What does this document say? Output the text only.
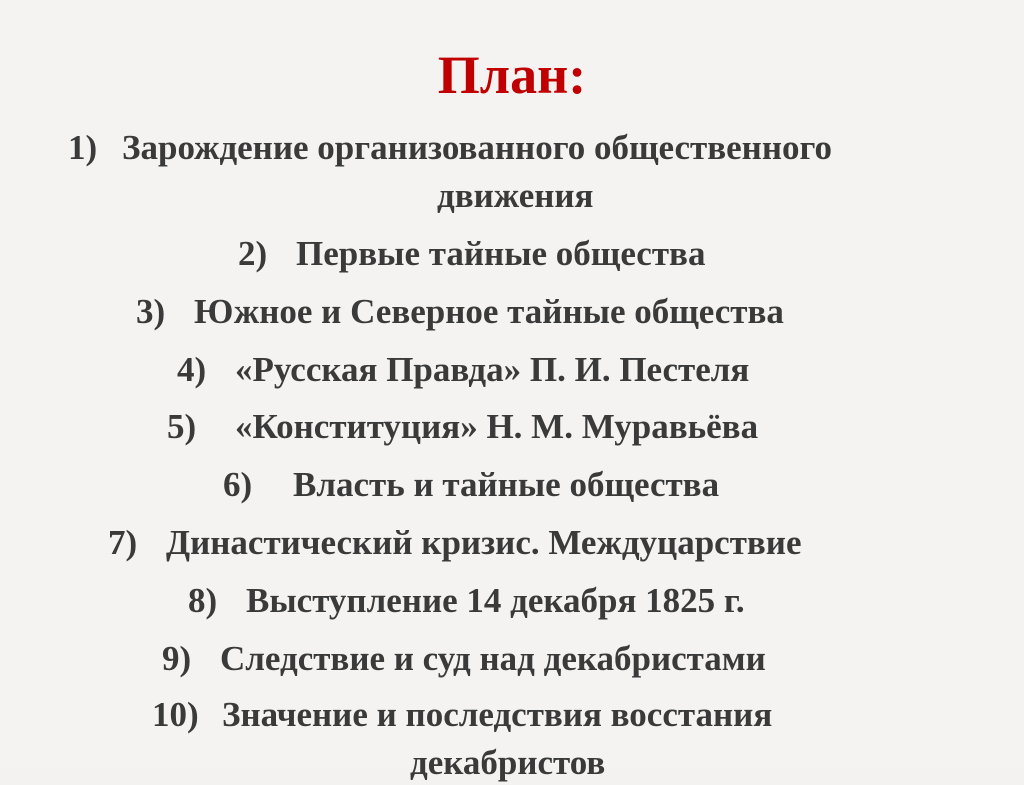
План:
1) Зарождение организованного общественного
движения
2) Первые тайные общества
3) Южное и Северное тайные общества
4) «Русская Правда» П. И. Пестеля
5) «Конституция» Н. М. Муравьёва
6) Власть и тайные общества
7) Династический кризис. Междуцарствие
8) Выступление 14 декабря 1825 г.
9) Следствие и суд над декабристами
10) Значение и последствия восстания
декабристов
